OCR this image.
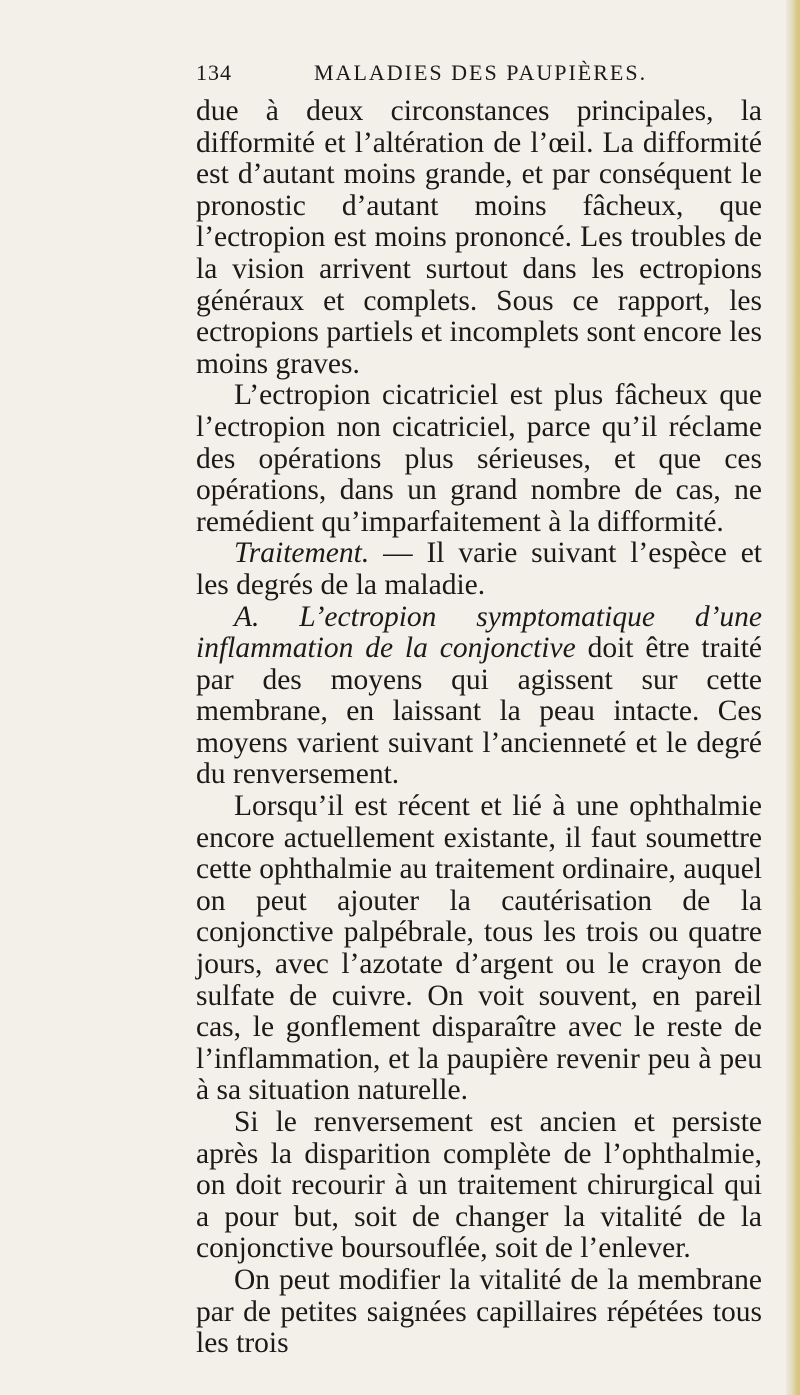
134	MALADIES DES PAUPIÈRES.

due à deux circonstances principales, la difformité et l’altération de l’œil. La difformité est d’autant moins grande, et par conséquent le pronostic d’autant moins fâcheux, que l’ectropion est moins prononcé. Les troubles de la vision arrivent surtout dans les ectropions généraux et complets. Sous ce rapport, les ectropions partiels et incomplets sont encore les moins graves.

L’ectropion cicatriciel est plus fâcheux que l’ectropion non cicatriciel, parce qu’il réclame des opérations plus sérieuses, et que ces opérations, dans un grand nombre de cas, ne remédient qu’imparfaitement à la difformité.

Traitement. — Il varie suivant l’espèce et les degrés de la maladie.

A. L’ectropion symptomatique d’une inflammation de la conjonctive doit être traité par des moyens qui agissent sur cette membrane, en laissant la peau intacte. Ces moyens varient suivant l’ancienneté et le degré du renversement.

Lorsqu’il est récent et lié à une ophthalmie encore actuellement existante, il faut soumettre cette ophthalmie au traitement ordinaire, auquel on peut ajouter la cautérisation de la conjonctive palpébrale, tous les trois ou quatre jours, avec l’azotate d’argent ou le crayon de sulfate de cuivre. On voit souvent, en pareil cas, le gonflement disparaître avec le reste de l’inflammation, et la paupière revenir peu à peu à sa situation naturelle.

Si le renversement est ancien et persiste après la disparition complète de l’ophthalmie, on doit recourir à un traitement chirurgical qui a pour but, soit de changer la vitalité de la conjonctive boursouflée, soit de l’enlever.

On peut modifier la vitalité de la membrane par de petites saignées capillaires répétées tous les trois
